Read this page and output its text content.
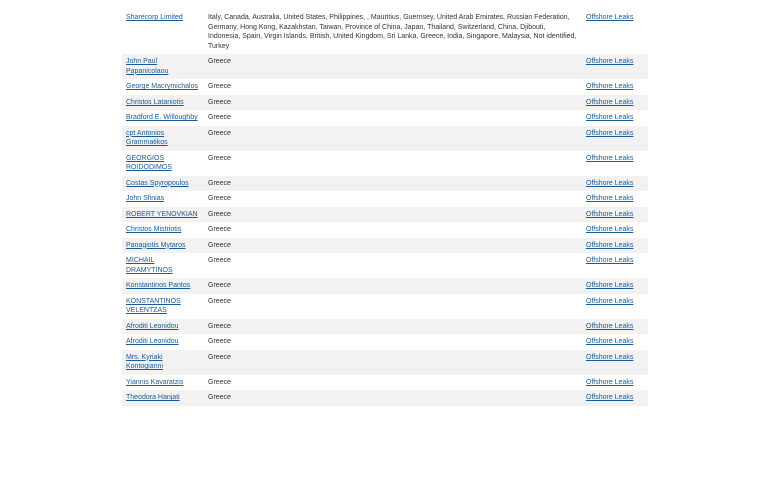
Sharecorp Limited	Italy, Canada, Australia, United States, Philippines, , Mauritius, Guernsey, United Arab Emirates, Russian Federation, Germany, Hong Kong, Kazakhstan, Taiwan, Province of China, Japan, Thailand, Switzerland, China, Djibouti, Indonesia, Spain, Virgin Islands, British, United Kingdom, Sri Lanka, Greece, India, Singapore, Malaysia, Not identified, Turkey	Offshore Leaks
John Paul Papanicolaou	Greece	Offshore Leaks
George Macrymichalos	Greece	Offshore Leaks
Christos Lataniotis	Greece	Offshore Leaks
Bradford E. Willoughby	Greece	Offshore Leaks
cpt Antonios Grammatikos	Greece	Offshore Leaks
GEORGIOS ROIDODIMOS	Greece	Offshore Leaks
Costas Spyropoulos	Greece	Offshore Leaks
John Sfinias	Greece	Offshore Leaks
ROBERT YENOVKIAN	Greece	Offshore Leaks
Christos Mistriotis	Greece	Offshore Leaks
Panagiotis Mytaros	Greece	Offshore Leaks
MICHAIL DRAMYTINOS	Greece	Offshore Leaks
Konstantinos Pantos	Greece	Offshore Leaks
KONSTANTINOS VELENTZAS	Greece	Offshore Leaks
Afroditi Leonidou	Greece	Offshore Leaks
Afroditi Leonidou	Greece	Offshore Leaks
Mrs. Kyriaki Kontogianni	Greece	Offshore Leaks
Yiannis Kavaratzis	Greece	Offshore Leaks
Theodora Hanjati	Greece	Offshore Leaks
